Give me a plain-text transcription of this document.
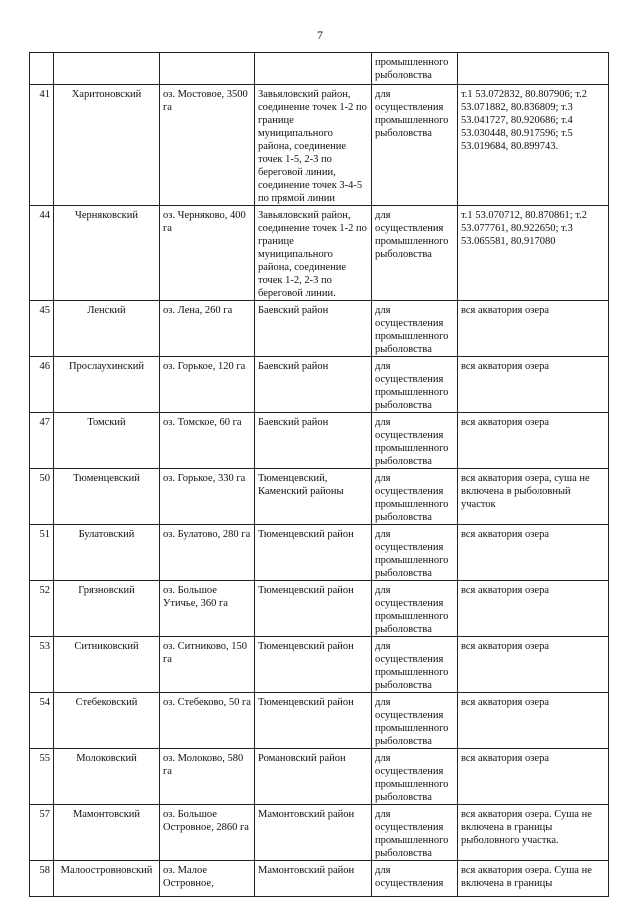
7
				промышленного рыболовства	
41	Харитоновский	оз. Мостовое, 3500 га	Завьяловский район, соединение точек 1-2 по границе муниципального района, соединение точек 1-5, 2-3 по береговой линии, соединение точек 3-4-5 по прямой линии	для осуществления промышленного рыболовства	т.1 53.072832, 80.807906; т.2 53.071882, 80.836809; т.3 53.041727, 80.920686; т.4 53.030448, 80.917596; т.5 53.019684, 80.899743.
44	Черняковский	оз. Черняково, 400 га	Завьяловский район, соединение точек 1-2 по границе муниципального района, соединение точек 1-2, 2-3 по береговой линии.	для осуществления промышленного рыболовства	т.1 53.070712, 80.870861; т.2 53.077761, 80.922650; т.3 53.065581, 80.917080
45	Ленский	оз. Лена, 260 га	Баевский район	для осуществления промышленного рыболовства	вся акватория озера
46	Прослаухинский	оз. Горькое, 120 га	Баевский район	для осуществления промышленного рыболовства	вся акватория озера
47	Томский	оз. Томское, 60 га	Баевский район	для осуществления промышленного рыболовства	вся акватория озера
50	Тюменцевский	оз. Горькое, 330 га	Тюменцевский, Каменский районы	для осуществления промышленного рыболовства	вся акватория озера, суша не включена в рыболовный участок
51	Булатовский	оз. Булатово, 280 га	Тюменцевский район	для осуществления промышленного рыболовства	вся акватория озера
52	Грязновский	оз. Большое Утичье, 360 га	Тюменцевский район	для осуществления промышленного рыболовства	вся акватория озера
53	Ситниковский	оз. Ситниково, 150 га	Тюменцевский район	для осуществления промышленного рыболовства	вся акватория озера
54	Стебековский	оз. Стебеково, 50 га	Тюменцевский район	для осуществления промышленного рыболовства	вся акватория озера
55	Молоковский	оз. Молоково, 580 га	Романовский район	для осуществления промышленного рыболовства	вся акватория озера
57	Мамонтовский	оз. Большое Островное, 2860 га	Мамонтовский район	для осуществления промышленного рыболовства	вся акватория озера. Суша не включена в границы рыболовного участка.
58	Малоостровновский	оз. Малое Островное,	Мамонтовский район	для осуществления	вся акватория озера. Суша не включена в границы
